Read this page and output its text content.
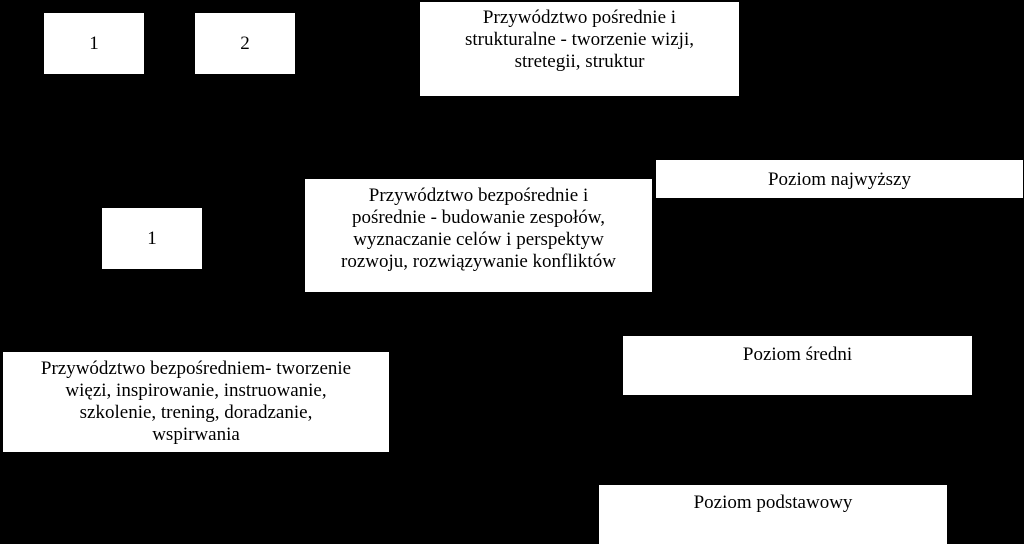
1	2
1
Przywództwo pośrednie i
strukturalne - tworzenie wizji,
stretegii, struktur
Przywództwo bezpośrednie i
pośrednie - budowanie zespołów,
wyznaczanie celów i perspektyw
rozwoju, rozwiązywanie konfliktów
Przywództwo bezpośredniem- tworzenie
więzi, inspirowanie, instruowanie,
szkolenie, trening, doradzanie,
wspirwania
Poziom najwyższy
Poziom średni
Poziom podstawowy
